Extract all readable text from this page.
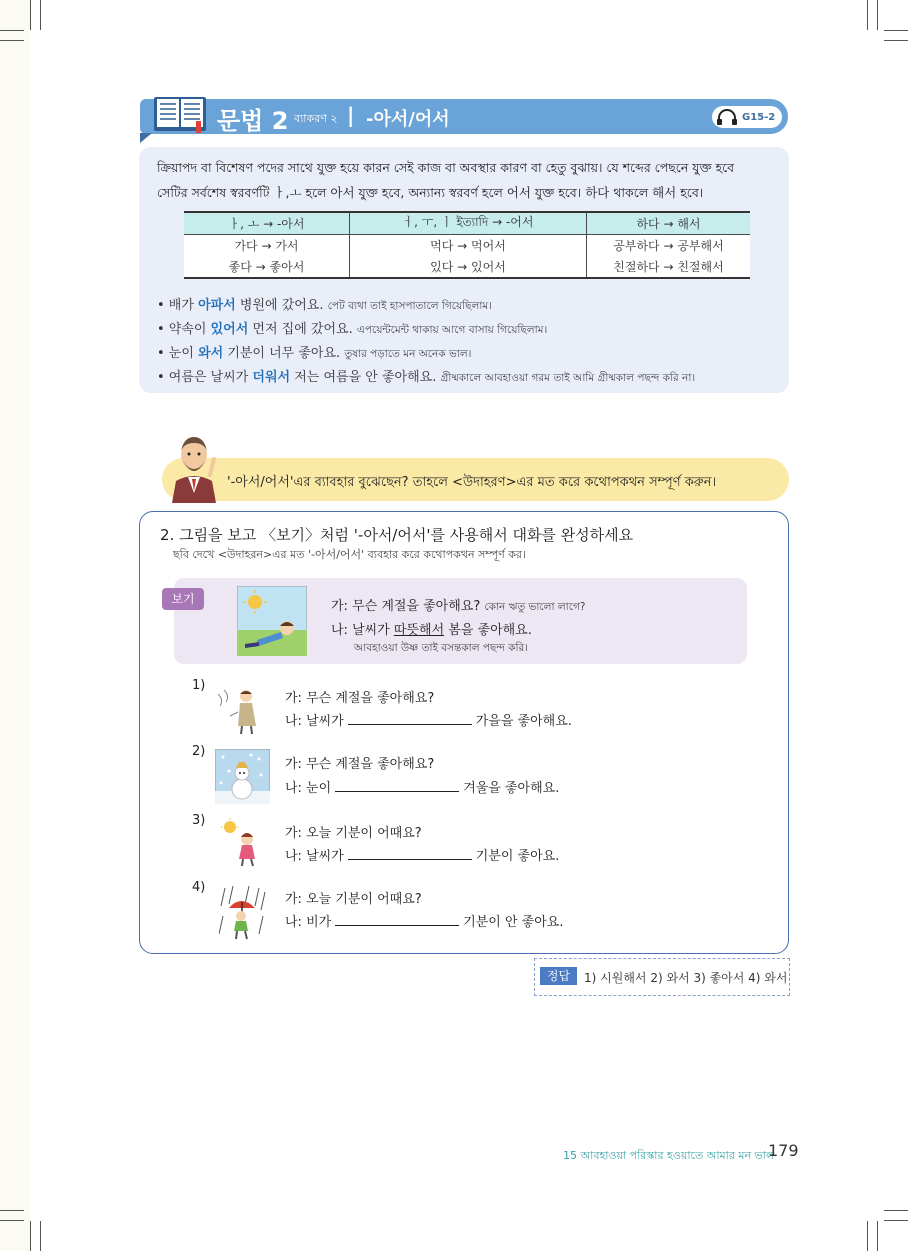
문법 2 ব্যাকরণ ২ | -아서/어서	G15-2
ক্রিয়াপদ বা বিশেষণ পদের সাথে যুক্ত হয়ে কারন সেই কাজ বা অবস্থার কারণ বা হেতু বুঝায়। যে শব্দের পেছনে যুক্ত হবে
সেটির সর্বশেষ স্বরবর্ণটি ㅏ,ㅗ হলে 아서 যুক্ত হবে, অন্যান্য স্বরবর্ণ হলে 어서 যুক্ত হবে। 하다 থাকলে 해서 হবে।
ㅏ, ㅗ → -아서	ㅓ, ㅜ, ㅣ ইত্যাদি → -어서	하다 → 해서
가다 → 가서	먹다 → 먹어서	공부하다 → 공부해서
좋다 → 좋아서	있다 → 있어서	친절하다 → 친절해서
• 배가 아파서 병원에 갔어요. পেট ব্যথা তাই হাসপাতালে গিয়েছিলাম।
• 약속이 있어서 먼저 집에 갔어요. এপয়েন্টমেন্ট থাকায় আগে বাসায় গিয়েছিলাম।
• 눈이 와서 기분이 너무 좋아요. তুষার পড়াতে মন অনেক ভাল।
• 여름은 날씨가 더워서 저는 여름을 안 좋아해요. গ্রীষ্মকালে আবহাওয়া গরম তাই আমি গ্রীষ্মকাল পছন্দ করি না।
'-아서/어서'এর ব্যাবহার বুঝেছেন? তাহলে <উদাহরণ>এর মত করে কথোপকথন সম্পূর্ণ করুন।
2. 그림을 보고 〈보기〉처럼 '-아서/어서'를 사용해서 대화를 완성하세요
ছবি দেখে <উদাহরন>এর মত '-아서/어서' ব্যবহার করে কথোপকথন সম্পূর্ণ কর।
보기	가: 무슨 계절을 좋아해요? কোন ঋতু ভালো লাগে?
나: 날씨가 따뜻해서 봄을 좋아해요.
আবহাওয়া উষ্ণ তাই বসন্তকাল পছন্দ করি।
1)
가: 무슨 계절을 좋아해요?
나: 날씨가	가을을 좋아해요.
2)
가: 무슨 계절을 좋아해요?
나: 눈이	겨울을 좋아해요.
3)
가: 오늘 기분이 어때요?
나: 날씨가	기분이 좋아요.
4)
가: 오늘 기분이 어때요?
나: 비가	기분이 안 좋아요.
정답	1) 시원해서 2) 와서 3) 좋아서 4) 와서
15 আবহাওয়া পরিস্কার হওয়াতে আমার মন ভাল
179
